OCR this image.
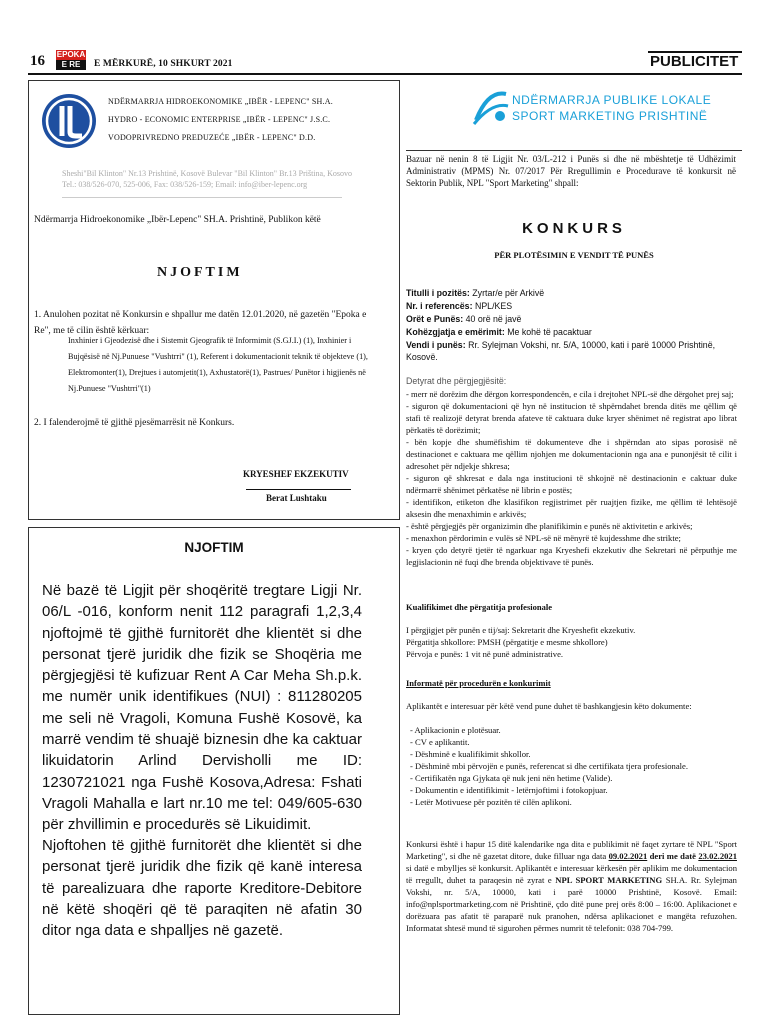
16 EPOKA
E RE	E MËRKURË, 10 SHKURT 2021	PUBLICITET
NDËRMARRJA HIDROEKONOMIKE „IBËR - LEPENC" SH.A.
HYDRO - ECONOMIC ENTERPRISE „IBËR - LEPENC" J.S.C.
VODOPRIVREDNO PREDUZEĆE „IBËR - LEPENC" D.D.
Sheshi"Bil Klinton" Nr.13 Prishtinë, Kosovë Bulevar "Bil Klinton" Br.13 Priština, Kosovo
Tel.: 038/526-070, 525-006, Fax: 038/526-159; Email: info@iber-lepenc.org
Ndërmarrja Hidroekonomike „Ibër-Lepenc" SH.A. Prishtinë, Publikon këtë
NJOFTIM
1. Anulohen pozitat në Konkursin e shpallur me datën 12.01.2020, në gazetën "Epoka e Re", me të cilin është kërkuar:
Inxhinier i Gjeodezisë dhe i Sistemit Gjeografik të Informimit (S.GJ.I.) (1), Inxhinier i Bujqësisë në Nj.Punuese "Vushtrri" (1), Referent i dokumentacionit teknik të objekteve (1), Elektromonter(1), Drejtues i automjetit(1), Axhustatorë(1), Pastrues/ Punëtor i higjienës në Nj.Punuese "Vushtrri"(1)
2. I falenderojmë të gjithë pjesëmarrësit në Konkurs.
KRYESHEF EKZEKUTIV
Berat Lushtaku
NJOFTIM
Në bazë të Ligjit për shoqëritë tregtare Ligji Nr. 06/L -016, konform nenit 112 paragrafi 1,2,3,4 njoftojmë të gjithë furnitorët dhe klientët si dhe personat tjerë juridik dhe fizik se Shoqëria me përgjegjësi të kufizuar Rent A Car Meha Sh.p.k. me numër unik identifikues (NUI) : 811280205 me seli në Vragoli, Komuna Fushë Kosovë, ka marrë vendim të shuajë biznesin dhe ka caktuar likuidatorin Arlind Dervisholli me ID: 1230721021 nga Fushë Kosova,Adresa: Fshati Vragoli Mahalla e lart nr.10 me tel: 049/605-630 për zhvillimin e procedurës së Likuidimit.
Njoftohen të gjithë furnitorët dhe klientët si dhe personat tjerë juridik dhe fizik që kanë interesa të parealizuara dhe raporte Kreditore-Debitore në këtë shoqëri që të paraqiten në afatin 30 ditor nga data e shpalljes në gazetë.
NDËRMARRJA PUBLIKE LOKALE
SPORT MARKETING PRISHTINË
Bazuar në nenin 8 të Ligjit Nr. 03/L-212 i Punës si dhe në mbështetje të Udhëzimit Administrativ (MPMS) Nr. 07/2017 Për Rregullimin e Procedurave të konkursit në Sektorin Publik, NPL "Sport Marketing" shpall:
KONKURS
PËR PLOTËSIMIN E VENDIT TË PUNËS
Titulli i pozitës: Zyrtar/e për Arkivë
Nr. i referencës: NPL/KES
Orët e Punës: 40 orë në javë
Kohëzgjatja e emërimit: Me kohë të pacaktuar
Vendi i punës: Rr. Sylejman Vokshi, nr. 5/A, 10000, kati i parë 10000 Prishtinë, Kosovë.
Detyrat dhe përgjegjësitë:
- merr në dorëzim dhe dërgon korrespondencën, e cila i drejtohet NPL-së dhe dërgohet prej saj;
- siguron që dokumentacioni që hyn në institucion të shpërndahet brenda ditës me qëllim që stafi të realizojë detyrat brenda afateve të caktuara duke kryer shënimet në registrat apo librat përkatës të dorëzimit;
- bën kopje dhe shumëfishim të dokumenteve dhe i shpërndan ato sipas porosisë në destinacionet e caktuara me qëllim njohjen me dokumentacionin nga ana e punonjësit të cilit i adresohet për ndjekje shkresa;
- siguron që shkresat e dala nga institucioni të shkojnë në destinacionin e caktuar duke ndërmarrë shënimet përkatëse në librin e postës;
- identifikon, etiketon dhe klasifikon regjistrimet për ruajtjen fizike, me qëllim të lehtësojë aksesin dhe menaxhimin e arkivës;
- është përgjegjës për organizimin dhe planifikimin e punës në aktivitetin e arkivës;
- menaxhon përdorimin e vulës së NPL-së në mënyrë të kujdesshme dhe strikte;
- kryen çdo detyrë tjetër të ngarkuar nga Kryeshefi ekzekutiv dhe Sekretari në përputhje me legjislacionin në fuqi dhe brenda objektivave të punës.
Kualifikimet dhe përgatitja profesionale
I përgjigjet për punën e tij/saj: Sekretarit dhe Kryeshefit ekzekutiv.
Përgatitja shkollore: PMSH (përgatitje e mesme shkollore)
Përvoja e punës: 1 vit në punë administrative.
Informatë për procedurën e konkurimit
Aplikantët e interesuar për këtë vend pune duhet të bashkangjesin këto dokumente:
- Aplikacionin e plotësuar.
- CV e aplikantit.
- Dëshminë e kualifikimit shkollor.
- Dëshminë mbi përvojën e punës, referencat si dhe certifikata tjera profesionale.
- Certifikatën nga Gjykata që nuk jeni nën hetime (Valide).
- Dokumentin e identifikimit - letërnjoftimi i fotokopjuar.
- Letër Motivuese për pozitën të cilën aplikoni.
Konkursi është i hapur 15 ditë kalendarike nga dita e publikimit në faqet zyrtare të NPL "Sport Marketing", si dhe në gazetat ditore, duke filluar nga data 09.02.2021 deri me datë 23.02.2021 si datë e mbylljes së konkursit. Aplikantët e interesuar kërkesën për aplikim me dokumentacion të rregullt, duhet ta paraqesin në zyrat e NPL SPORT MARKETING SH.A. Rr. Sylejman Vokshi, nr. 5/A, 10000, kati i parë 10000 Prishtinë, Kosovë. Email: info@nplsportmarketing.com në Prishtinë, çdo ditë pune prej orës 8:00 – 16:00. Aplikacionet e dorëzuara pas afatit të paraparë nuk pranohen, ndërsa aplikacionet e mangëta refuzohen. Informatat shtesë mund të sigurohen përmes numrit të telefonit: 038 704-799.
